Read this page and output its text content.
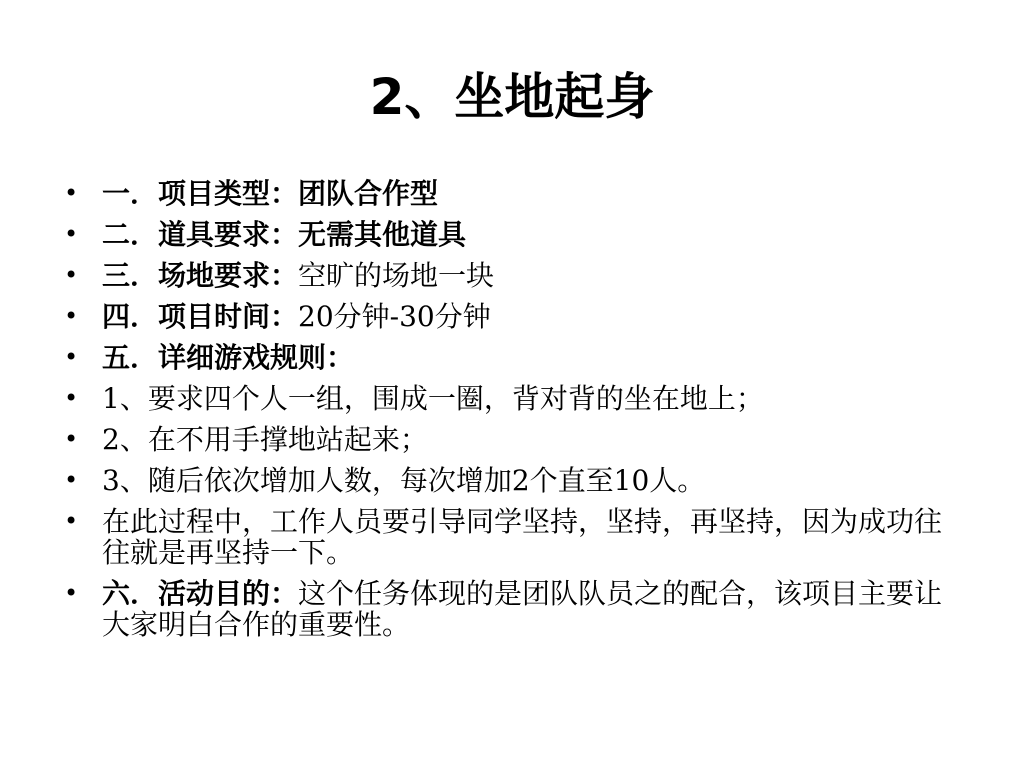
2、坐地起身
• 一．项目类型：团队合作型
• 二．道具要求：无需其他道具
• 三．场地要求：空旷的场地一块
• 四．项目时间：20分钟-30分钟
• 五．详细游戏规则：
• 1、要求四个人一组，围成一圈，背对背的坐在地上；
• 2、在不用手撑地站起来；
• 3、随后依次增加人数，每次增加2个直至10人。
• 在此过程中，工作人员要引导同学坚持，坚持，再坚持，因为成功往往就是再坚持一下。
• 六．活动目的：这个任务体现的是团队队员之的配合，该项目主要让大家明白合作的重要性。
